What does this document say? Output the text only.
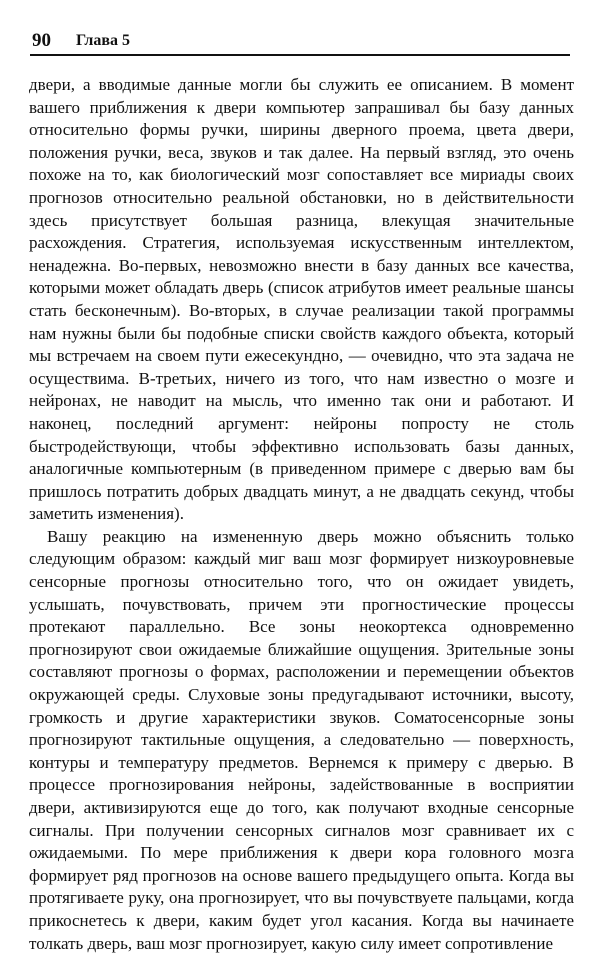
90 Глава 5

двери, а вводимые данные могли бы служить ее описанием. В момент вашего приближения к двери компьютер запрашивал бы базу данных относительно формы ручки, ширины дверного проема, цвета двери, положения ручки, веса, звуков и так далее. На первый взгляд, это очень похоже на то, как биологический мозг сопоставляет все мириады своих прогнозов относительно реальной обстановки, но в действительности здесь присутствует большая разница, влекущая значительные расхождения. Стратегия, используемая искусственным интеллектом, ненадежна. Во-первых, невозможно внести в базу данных все качества, которыми может обладать дверь (список атрибутов имеет реальные шансы стать бесконечным). Во-вторых, в случае реализации такой программы нам нужны были бы подобные списки свойств каждого объекта, который мы встречаем на своем пути ежесекундно, — очевидно, что эта задача не осуществима. В-третьих, ничего из того, что нам известно о мозге и нейронах, не наводит на мысль, что именно так они и работают. И наконец, последний аргумент: нейроны попросту не столь быстродействующи, чтобы эффективно использовать базы данных, аналогичные компьютерным (в приведенном примере с дверью вам бы пришлось потратить добрых двадцать минут, а не двадцать секунд, чтобы заметить изменения).

Вашу реакцию на измененную дверь можно объяснить только следующим образом: каждый миг ваш мозг формирует низкоуровневые сенсорные прогнозы относительно того, что он ожидает увидеть, услышать, почувствовать, причем эти прогностические процессы протекают параллельно. Все зоны неокортекса одновременно прогнозируют свои ожидаемые ближайшие ощущения. Зрительные зоны составляют прогнозы о формах, расположении и перемещении объектов окружающей среды. Слуховые зоны предугадывают источники, высоту, громкость и другие характеристики звуков. Соматосенсорные зоны прогнозируют тактильные ощущения, а следовательно — поверхность, контуры и температуру предметов. Вернемся к примеру с дверью. В процессе прогнозирования нейроны, задействованные в восприятии двери, активизируются еще до того, как получают входные сенсорные сигналы. При получении сенсорных сигналов мозг сравнивает их с ожидаемыми. По мере приближения к двери кора головного мозга формирует ряд прогнозов на основе вашего предыдущего опыта. Когда вы протягиваете руку, она прогнозирует, что вы почувствуете пальцами, когда прикоснетесь к двери, каким будет угол касания. Когда вы начинаете толкать дверь, ваш мозг прогнозирует, какую силу имеет сопротивление
